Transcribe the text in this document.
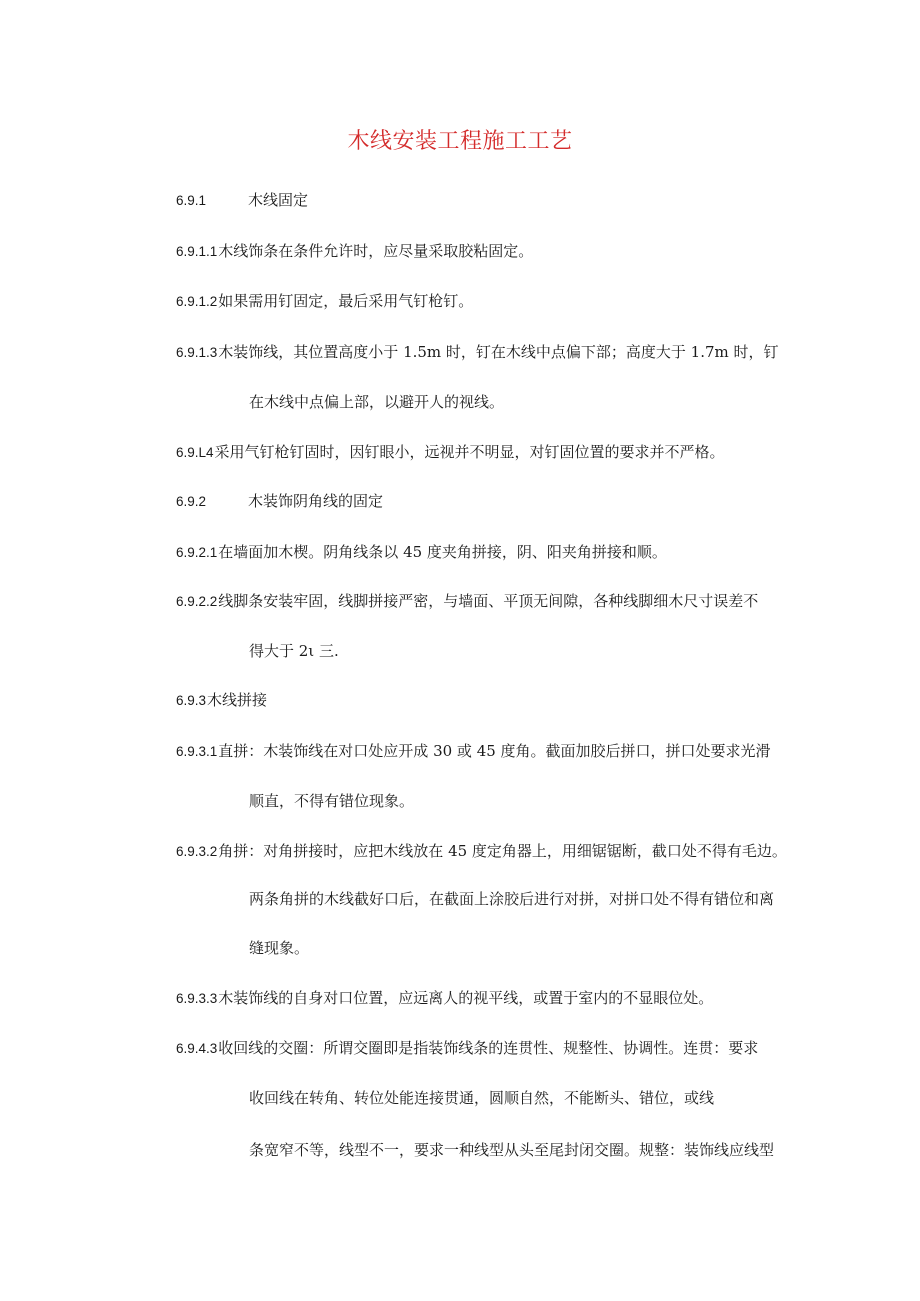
木线安装工程施工工艺
6.9.1	木线固定
6.9.1.1木线饰条在条件允许时，应尽量采取胶粘固定。
6.9.1.2如果需用钉固定，最后采用气钉枪钉。
6.9.1.3木装饰线，其位置高度小于 1.5m 时，钉在木线中点偏下部；高度大于 1.7m 时，钉
在木线中点偏上部，以避开人的视线。
6.9.L4采用气钉枪钉固时，因钉眼小，远视并不明显，对钉固位置的要求并不严格。
6.9.2	木装饰阴角线的固定
6.9.2.1在墙面加木楔。阴角线条以 45 度夹角拼接，阴、阳夹角拼接和顺。
6.9.2.2线脚条安装牢固，线脚拼接严密，与墙面、平顶无间隙，各种线脚细木尺寸误差不
得大于 2ι 三.
6.9.3木线拼接
6.9.3.1直拼：木装饰线在对口处应开成 30 或 45 度角。截面加胶后拼口，拼口处要求光滑
顺直，不得有错位现象。
6.9.3.2角拼：对角拼接时，应把木线放在 45 度定角器上，用细锯锯断，截口处不得有毛边。
两条角拼的木线截好口后，在截面上涂胶后进行对拼，对拼口处不得有错位和离
缝现象。
6.9.3.3木装饰线的自身对口位置，应远离人的视平线，或置于室内的不显眼位处。
6.9.4.3收回线的交圈：所谓交圈即是指装饰线条的连贯性、规整性、协调性。连贯：要求
收回线在转角、转位处能连接贯通，圆顺自然，不能断头、错位，或线
条宽窄不等，线型不一，要求一种线型从头至尾封闭交圈。规整：装饰线应线型
